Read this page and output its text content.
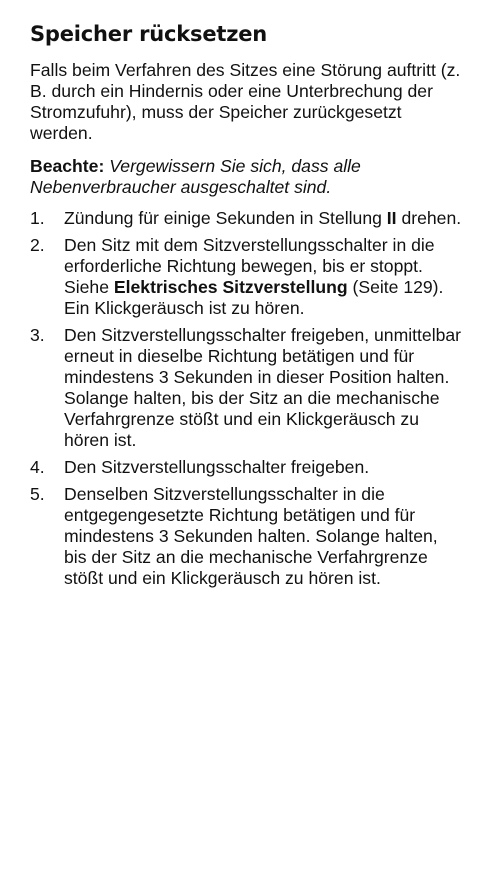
Speicher rücksetzen

Falls beim Verfahren des Sitzes eine Störung auftritt (z. B. durch ein Hindernis oder eine Unterbrechung der Stromzufuhr), muss der Speicher zurückgesetzt werden.

Beachte: Vergewissern Sie sich, dass alle Nebenverbraucher ausgeschaltet sind.

1. Zündung für einige Sekunden in Stellung II drehen.
2. Den Sitz mit dem Sitzverstellungsschalter in die erforderliche Richtung bewegen, bis er stoppt. Siehe Elektrisches Sitzverstellung (Seite 129). Ein Klickgeräusch ist zu hören.
3. Den Sitzverstellungsschalter freigeben, unmittelbar erneut in dieselbe Richtung betätigen und für mindestens 3 Sekunden in dieser Position halten. Solange halten, bis der Sitz an die mechanische Verfahrgrenze stößt und ein Klickgeräusch zu hören ist.
4. Den Sitzverstellungsschalter freigeben.
5. Denselben Sitzverstellungsschalter in die entgegengesetzte Richtung betätigen und für mindestens 3 Sekunden halten. Solange halten, bis der Sitz an die mechanische Verfahrgrenze stößt und ein Klickgeräusch zu hören ist.
